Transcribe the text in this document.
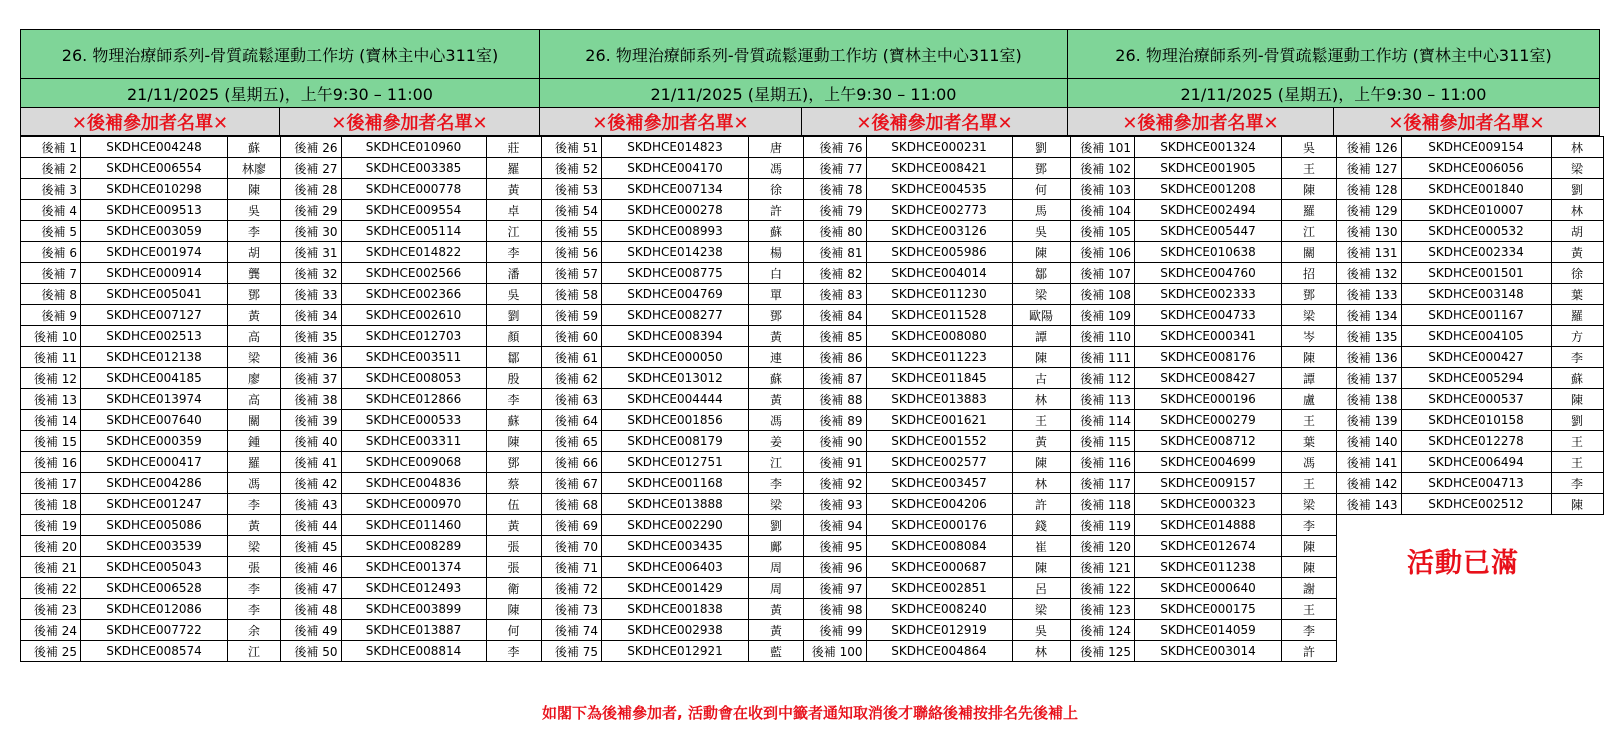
26. 物理治療師系列-骨質疏鬆運動工作坊 (寶林主中心311室)	26. 物理治療師系列-骨質疏鬆運動工作坊 (寶林主中心311室)	26. 物理治療師系列-骨質疏鬆運動工作坊 (寶林主中心311室)
21/11/2025 (星期五)，上午9:30 – 11:00	21/11/2025 (星期五)，上午9:30 – 11:00	21/11/2025 (星期五)，上午9:30 – 11:00
✕後補參加者名單✕	✕後補參加者名單✕	✕後補參加者名單✕	✕後補參加者名單✕	✕後補參加者名單✕	✕後補參加者名單✕
後補 1	SKDHCE004248	蘇
後補 2	SKDHCE006554	林廖
後補 3	SKDHCE010298	陳
後補 4	SKDHCE009513	吳
後補 5	SKDHCE003059	李
後補 6	SKDHCE001974	胡
後補 7	SKDHCE000914	龔
後補 8	SKDHCE005041	鄧
後補 9	SKDHCE007127	黃
後補 10	SKDHCE002513	高
後補 11	SKDHCE012138	梁
後補 12	SKDHCE004185	廖
後補 13	SKDHCE013974	高
後補 14	SKDHCE007640	關
後補 15	SKDHCE000359	鍾
後補 16	SKDHCE000417	羅
後補 17	SKDHCE004286	馮
後補 18	SKDHCE001247	李
後補 19	SKDHCE005086	黃
後補 20	SKDHCE003539	梁
後補 21	SKDHCE005043	張
後補 22	SKDHCE006528	李
後補 23	SKDHCE012086	李
後補 24	SKDHCE007722	余
後補 25	SKDHCE008574	江
後補 26	SKDHCE010960	莊
後補 27	SKDHCE003385	羅
後補 28	SKDHCE000778	黃
後補 29	SKDHCE009554	卓
後補 30	SKDHCE005114	江
後補 31	SKDHCE014822	李
後補 32	SKDHCE002566	潘
後補 33	SKDHCE002366	吳
後補 34	SKDHCE002610	劉
後補 35	SKDHCE012703	顏
後補 36	SKDHCE003511	鄒
後補 37	SKDHCE008053	殷
後補 38	SKDHCE012866	李
後補 39	SKDHCE000533	蘇
後補 40	SKDHCE003311	陳
後補 41	SKDHCE009068	鄧
後補 42	SKDHCE004836	蔡
後補 43	SKDHCE000970	伍
後補 44	SKDHCE011460	黃
後補 45	SKDHCE008289	張
後補 46	SKDHCE001374	張
後補 47	SKDHCE012493	衛
後補 48	SKDHCE003899	陳
後補 49	SKDHCE013887	何
後補 50	SKDHCE008814	李
後補 51	SKDHCE014823	唐
後補 52	SKDHCE004170	馮
後補 53	SKDHCE007134	徐
後補 54	SKDHCE000278	許
後補 55	SKDHCE008993	蘇
後補 56	SKDHCE014238	楊
後補 57	SKDHCE008775	白
後補 58	SKDHCE004769	單
後補 59	SKDHCE008277	鄧
後補 60	SKDHCE008394	黃
後補 61	SKDHCE000050	連
後補 62	SKDHCE013012	蘇
後補 63	SKDHCE004444	黃
後補 64	SKDHCE001856	馮
後補 65	SKDHCE008179	姜
後補 66	SKDHCE012751	江
後補 67	SKDHCE001168	李
後補 68	SKDHCE013888	梁
後補 69	SKDHCE002290	劉
後補 70	SKDHCE003435	鄺
後補 71	SKDHCE006403	周
後補 72	SKDHCE001429	周
後補 73	SKDHCE001838	黃
後補 74	SKDHCE002938	黃
後補 75	SKDHCE012921	藍
後補 76	SKDHCE000231	劉
後補 77	SKDHCE008421	鄧
後補 78	SKDHCE004535	何
後補 79	SKDHCE002773	馬
後補 80	SKDHCE003126	吳
後補 81	SKDHCE005986	陳
後補 82	SKDHCE004014	鄒
後補 83	SKDHCE011230	梁
後補 84	SKDHCE011528	歐陽
後補 85	SKDHCE008080	譚
後補 86	SKDHCE011223	陳
後補 87	SKDHCE011845	古
後補 88	SKDHCE013883	林
後補 89	SKDHCE001621	王
後補 90	SKDHCE001552	黃
後補 91	SKDHCE002577	陳
後補 92	SKDHCE003457	林
後補 93	SKDHCE004206	許
後補 94	SKDHCE000176	錢
後補 95	SKDHCE008084	崔
後補 96	SKDHCE000687	陳
後補 97	SKDHCE002851	呂
後補 98	SKDHCE008240	梁
後補 99	SKDHCE012919	吳
後補 100	SKDHCE004864	林
後補 101	SKDHCE001324	吳
後補 102	SKDHCE001905	王
後補 103	SKDHCE001208	陳
後補 104	SKDHCE002494	羅
後補 105	SKDHCE005447	江
後補 106	SKDHCE010638	關
後補 107	SKDHCE004760	招
後補 108	SKDHCE002333	鄧
後補 109	SKDHCE004733	梁
後補 110	SKDHCE000341	岑
後補 111	SKDHCE008176	陳
後補 112	SKDHCE008427	譚
後補 113	SKDHCE000196	盧
後補 114	SKDHCE000279	王
後補 115	SKDHCE008712	葉
後補 116	SKDHCE004699	馮
後補 117	SKDHCE009157	王
後補 118	SKDHCE000323	梁
後補 119	SKDHCE014888	李
後補 120	SKDHCE012674	陳
後補 121	SKDHCE011238	陳
後補 122	SKDHCE000640	謝
後補 123	SKDHCE000175	王
後補 124	SKDHCE014059	李
後補 125	SKDHCE003014	許
後補 126	SKDHCE009154	林
後補 127	SKDHCE006056	梁
後補 128	SKDHCE001840	劉
後補 129	SKDHCE010007	林
後補 130	SKDHCE000532	胡
後補 131	SKDHCE002334	黃
後補 132	SKDHCE001501	徐
後補 133	SKDHCE003148	葉
後補 134	SKDHCE001167	羅
後補 135	SKDHCE004105	方
後補 136	SKDHCE000427	李
後補 137	SKDHCE005294	蘇
後補 138	SKDHCE000537	陳
後補 139	SKDHCE010158	劉
後補 140	SKDHCE012278	王
後補 141	SKDHCE006494	王
後補 142	SKDHCE004713	李
後補 143	SKDHCE002512	陳
活動已滿
如閣下為後補參加者, 活動會在收到中籤者通知取消後才聯絡後補按排名先後補上
